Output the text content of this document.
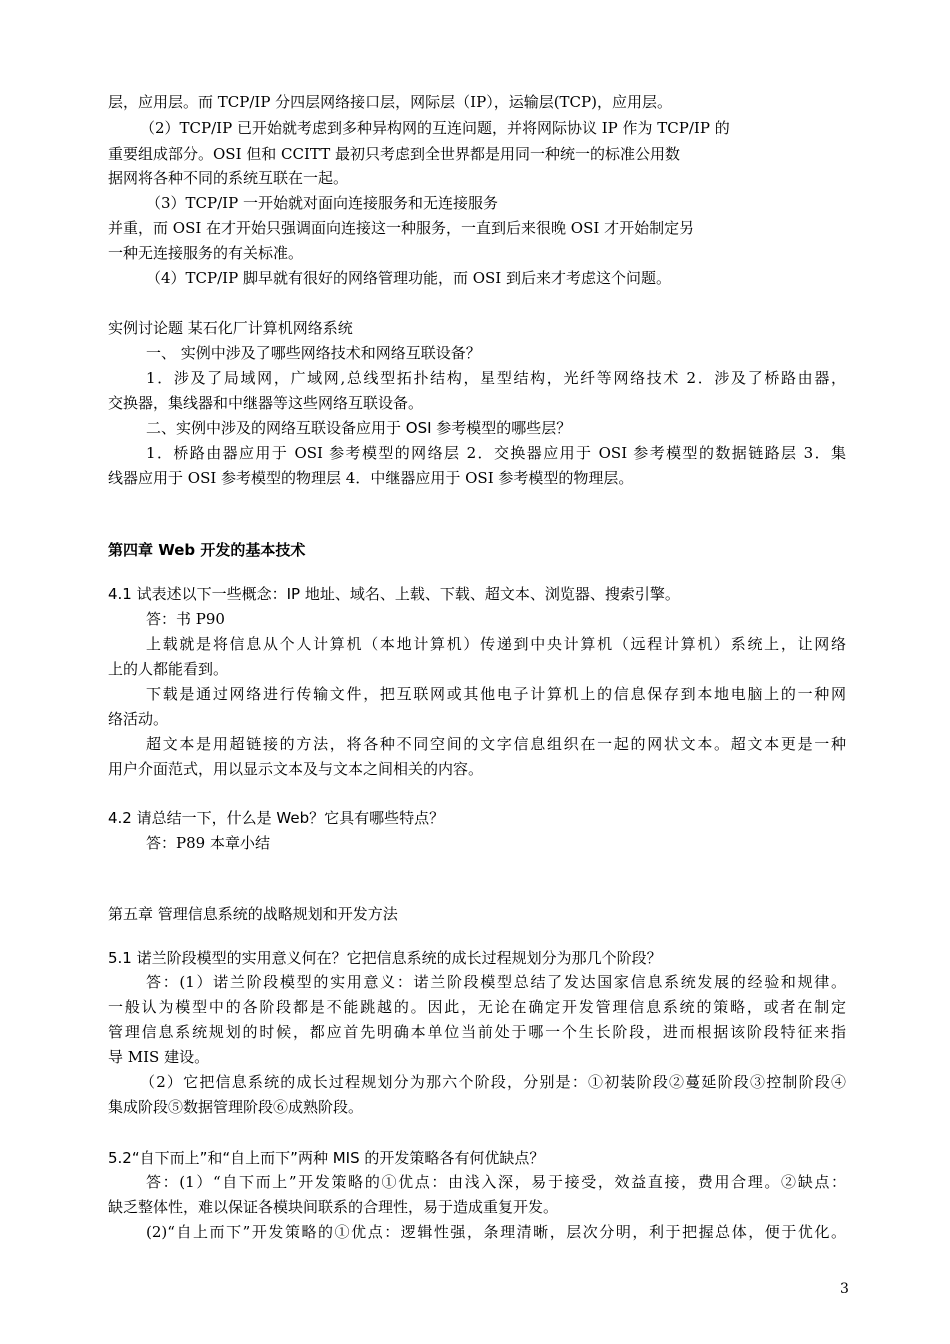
层，应用层。而 TCP/IP 分四层网络接口层，网际层（IP），运输层(TCP)，应用层。
（2）TCP/IP 已开始就考虑到多种异构网的互连问题，并将网际协议 IP 作为 TCP/IP 的
重要组成部分。OSI 但和 CCITT 最初只考虑到全世界都是用同一种统一的标准公用数
据网将各种不同的系统互联在一起。
（3）TCP/IP 一开始就对面向连接服务和无连接服务
并重，而 OSI 在才开始只强调面向连接这一种服务，一直到后来很晚 OSI 才开始制定另
一种无连接服务的有关标准。
（4）TCP/IP 脚早就有很好的网络管理功能，而 OSI 到后来才考虑这个问题。
实例讨论题 某石化厂计算机网络系统
一、 实例中涉及了哪些网络技术和网络互联设备？
1．涉及了局域网，广域网,总线型拓扑结构，星型结构，光纤等网络技术 2．涉及了桥路由器，
交换器，集线器和中继器等这些网络互联设备。
二、实例中涉及的网络互联设备应用于 OSI 参考模型的哪些层？
1．桥路由器应用于 OSI 参考模型的网络层 2．交换器应用于 OSI 参考模型的数据链路层 3．集
线器应用于 OSI 参考模型的物理层 4．中继器应用于 OSI 参考模型的物理层。
第四章 Web 开发的基本技术
4.1 试表述以下一些概念：IP 地址、域名、上载、下载、超文本、浏览器、搜索引擎。
答：书 P90
上载就是将信息从个人计算机（本地计算机）传递到中央计算机（远程计算机）系统上，让网络
上的人都能看到。
下载是通过网络进行传输文件，把互联网或其他电子计算机上的信息保存到本地电脑上的一种网
络活动。
超文本是用超链接的方法，将各种不同空间的文字信息组织在一起的网状文本。超文本更是一种
用户介面范式，用以显示文本及与文本之间相关的内容。
4.2 请总结一下，什么是 Web？它具有哪些特点？
答：P89 本章小结
第五章 管理信息系统的战略规划和开发方法
5.1 诺兰阶段模型的实用意义何在？它把信息系统的成长过程规划分为那几个阶段？
答：(1）诺兰阶段模型的实用意义：诺兰阶段模型总结了发达国家信息系统发展的经验和规律。
一般认为模型中的各阶段都是不能跳越的。因此，无论在确定开发管理信息系统的策略，或者在制定
管理信息系统规划的时候，都应首先明确本单位当前处于哪一个生长阶段，进而根据该阶段特征来指
导 MIS 建设。
（2）它把信息系统的成长过程规划分为那六个阶段，分别是：①初装阶段②蔓延阶段③控制阶段④
集成阶段⑤数据管理阶段⑥成熟阶段。
5.2“自下而上”和“自上而下”两种 MIS 的开发策略各有何优缺点？
答：(1）“自下而上”开发策略的①优点：由浅入深，易于接受，效益直接，费用合理。②缺点：
缺乏整体性，难以保证各模块间联系的合理性，易于造成重复开发。
(2)“自上而下”开发策略的①优点：逻辑性强，条理清晰，层次分明，利于把握总体，便于优化。
3
